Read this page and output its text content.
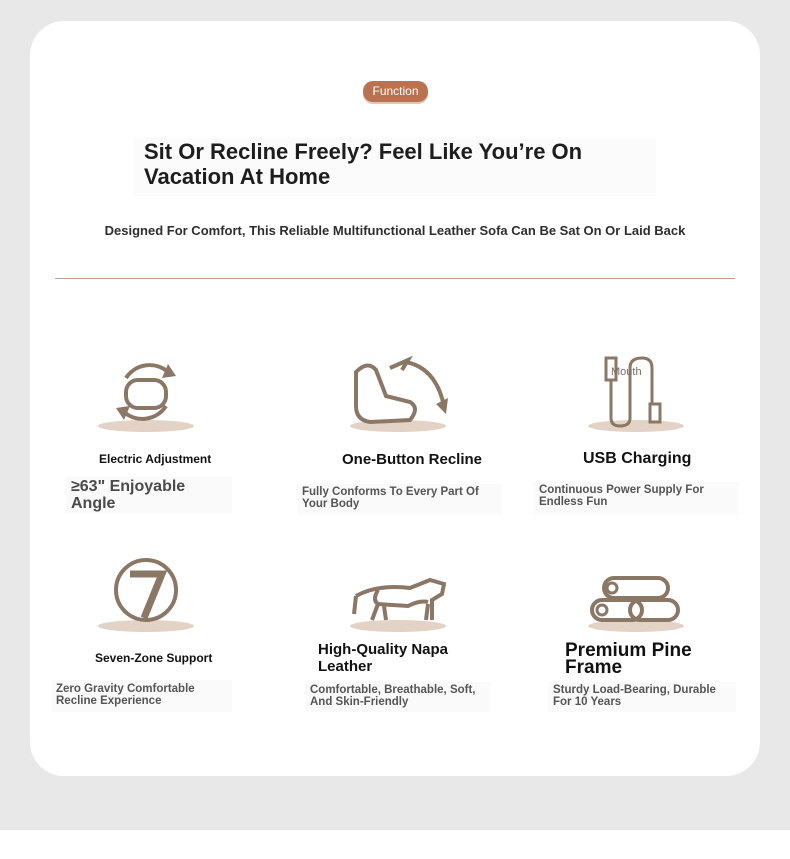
Function
Sit Or Recline Freely? Feel Like You’re On Vacation At Home
Designed For Comfort, This Reliable Multifunctional Leather Sofa Can Be Sat On Or Laid Back
Electric Adjustment
≥63" Enjoyable Angle
One-Button Recline
Fully Conforms To Every Part Of Your Body
Mouth
USB Charging
Continuous Power Supply For Endless Fun
Seven-Zone Support
Zero Gravity Comfortable Recline Experience
High-Quality Napa Leather
Comfortable, Breathable, Soft, And Skin-Friendly
Premium Pine Frame
Sturdy Load-Bearing, Durable For 10 Years
